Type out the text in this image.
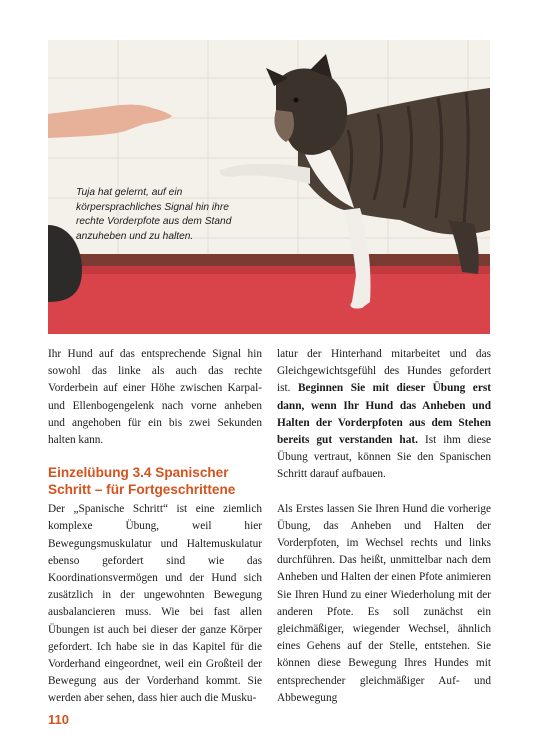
Tuja hat gelernt, auf ein körpersprachliches Signal hin ihre rechte Vorderpfote aus dem Stand anzuheben und zu halten.

Ihr Hund auf das entsprechende Signal hin sowohl das linke als auch das rechte Vorderbein auf einer Höhe zwischen Karpal- und Ellenbogengelenk nach vorne anheben und angehoben für ein bis zwei Sekunden halten kann.

Einzelübung 3.4 Spanischer Schritt – für Fortgeschrittene

Der „Spanische Schritt“ ist eine ziemlich komplexe Übung, weil hier Bewegungsmuskulatur und Haltemuskulatur ebenso gefordert sind wie das Koordinationsvermögen und der Hund sich zusätzlich in der ungewohnten Bewegung ausbalancieren muss. Wie bei fast allen Übungen ist auch bei dieser der ganze Körper gefordert. Ich habe sie in das Kapitel für die Vorderhand eingeordnet, weil ein Großteil der Bewegung aus der Vorderhand kommt. Sie werden aber sehen, dass hier auch die Musku-

latur der Hinterhand mitarbeitet und das Gleichgewichtsgefühl des Hundes gefordert ist. Beginnen Sie mit dieser Übung erst dann, wenn Ihr Hund das Anheben und Halten der Vorderpfoten aus dem Stehen bereits gut verstanden hat. Ist ihm diese Übung vertraut, können Sie den Spanischen Schritt darauf aufbauen.

Als Erstes lassen Sie Ihren Hund die vorherige Übung, das Anheben und Halten der Vorderpfoten, im Wechsel rechts und links durchführen. Das heißt, unmittelbar nach dem Anheben und Halten der einen Pfote animieren Sie Ihren Hund zu einer Wiederholung mit der anderen Pfote. Es soll zunächst ein gleichmäßiger, wiegender Wechsel, ähnlich eines Gehens auf der Stelle, entstehen. Sie können diese Bewegung Ihres Hundes mit entsprechender gleichmäßiger Auf- und Abbewegung

110
